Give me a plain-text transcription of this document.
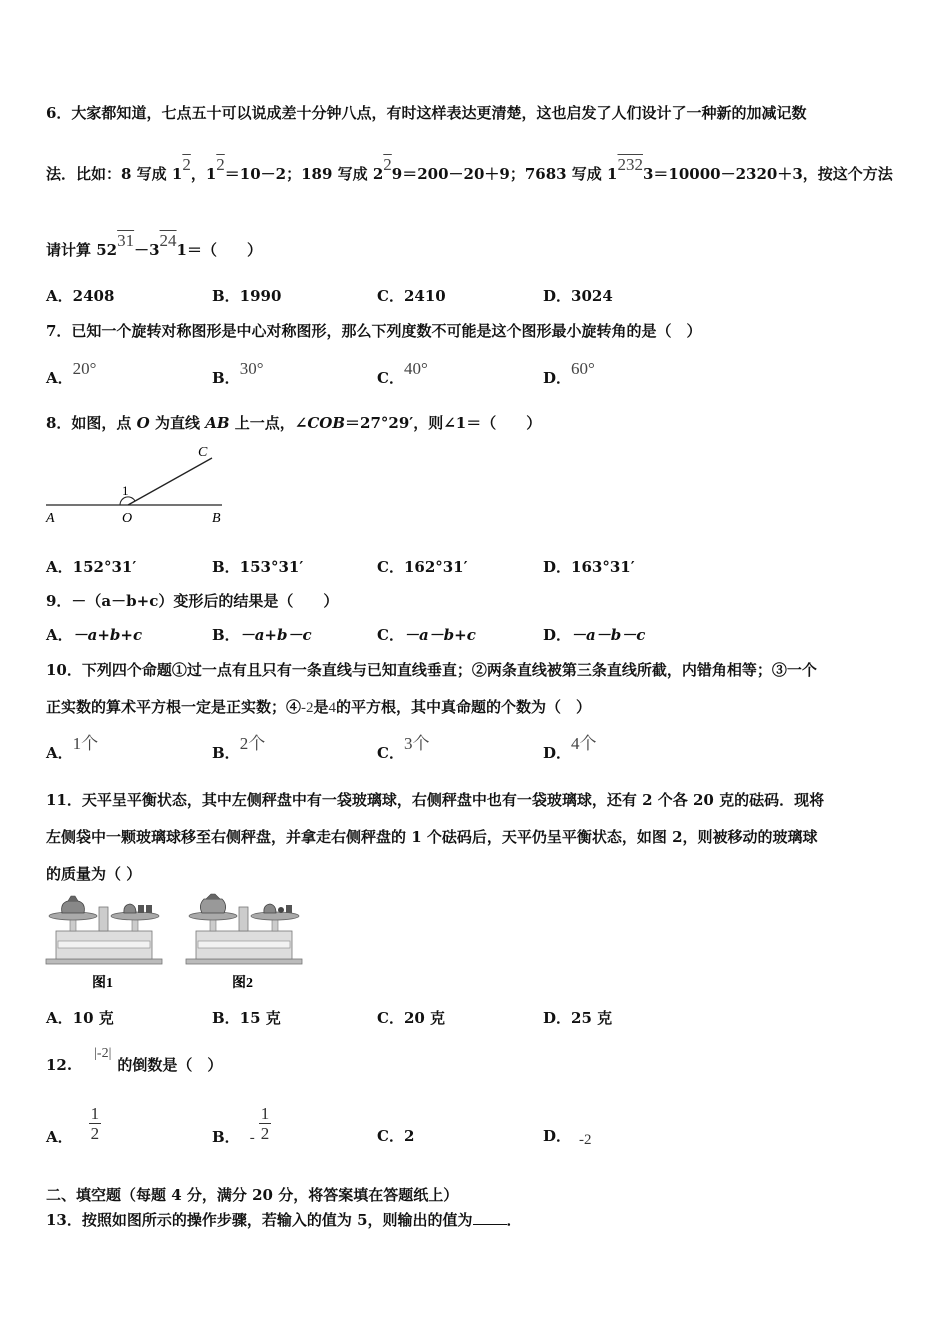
6．大家都知道，七点五十可以说成差十分钟八点，有时这样表达更清楚，这也启发了人们设计了一种新的加减记数
法．比如：8 写成 12，12＝10－2；189 写成 229＝200－20＋9；7683 写成 12323＝10000－2320＋3，按这个方法
请计算 5231－3241＝（　　）
A．2408	B．1990	C．2410	D．3024
7．已知一个旋转对称图形是中心对称图形，那么下列度数不可能是这个图形最小旋转角的是（　）
A．20°	B．30°	C．40°	D．60°
8．如图，点 O 为直线 AB 上一点，∠COB＝27°29′，则∠1＝（　　）
A	O	B
C
1
A．152°31′	B．153°31′	C．162°31′	D．163°31′
9．－（a－b+c）变形后的结果是（　　）
A．－a+b+c	B．－a+b－c	C．－a－b+c	D．－a－b－c
10．下列四个命题①过一点有且只有一条直线与已知直线垂直；②两条直线被第三条直线所截，内错角相等；③一个
正实数的算术平方根一定是正实数；④-2是4的平方根，其中真命题的个数为（　）
A．1个	B．2个	C．3个	D．4个
11．天平呈平衡状态，其中左侧秤盘中有一袋玻璃球，右侧秤盘中也有一袋玻璃球，还有 2 个各 20 克的砝码．现将
左侧袋中一颗玻璃球移至右侧秤盘，并拿走右侧秤盘的 1 个砝码后，天平仍呈平衡状态，如图 2，则被移动的玻璃球
的质量为（ ）
图1	图2
A．10 克	B．15 克	C．20 克	D．25 克
12.|-2|的倒数是（　）
A． $\frac{1}{2}$	B． - $\frac{1}{2}$	C．2	D． -2
二、填空题（每题 4 分，满分 20 分，将答案填在答题纸上）
13．按照如图所示的操作步骤，若输入的值为 5，则输出的值为 ．
